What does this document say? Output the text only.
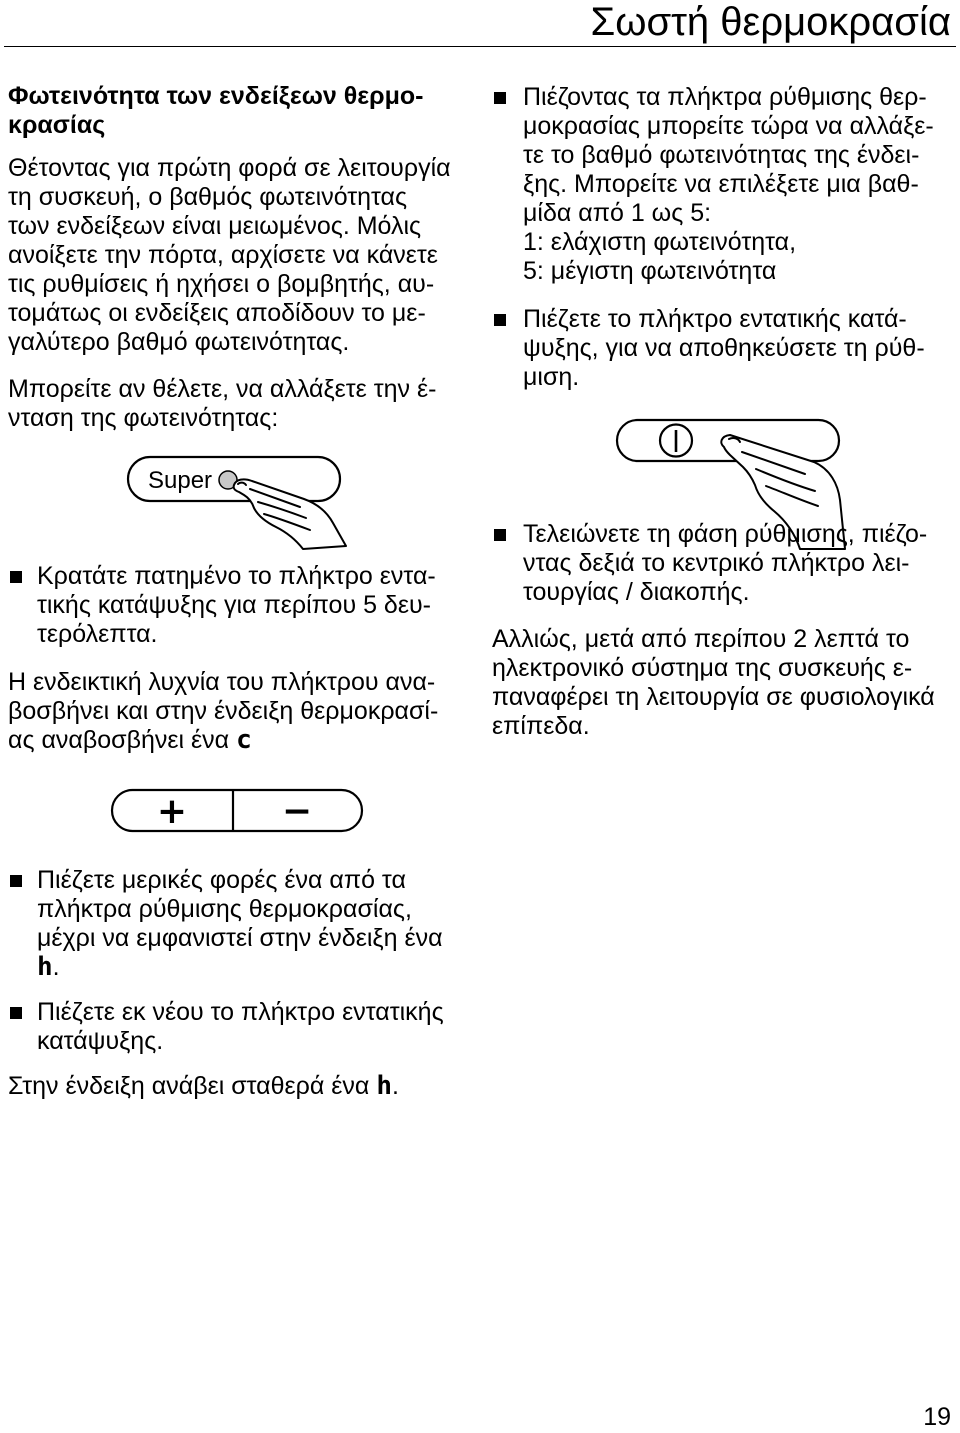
Σωστή θερμοκρασία
Φωτεινότητα των ενδείξεων θερμο-
κρασίας
Θέτοντας για πρώτη φορά σε λειτουργία
τη συσκευή, ο βαθμός φωτεινότητας
των ενδείξεων είναι μειωμένος. Μόλις
ανοίξετε την πόρτα, αρχίσετε να κάνετε
τις ρυθμίσεις ή ηχήσει ο βομβητής, αυ-
τομάτως οι ενδείξεις αποδίδουν το με-
γαλύτερο βαθμό φωτεινότητας.
Μπορείτε αν θέλετε, να αλλάξετε την έ-
νταση της φωτεινότητας:
Super
Κρατάτε πατημένο το πλήκτρο εντα-
τικής κατάψυξης για περίπου 5 δευ-
τερόλεπτα.
Η ενδεικτική λυχνία του πλήκτρου ανα-
βοσβήνει και στην ένδειξη θερμοκρασί-
ας αναβοσβήνει ένα c
+	−
Πιέζετε μερικές φορές ένα από τα
πλήκτρα ρύθμισης θερμοκρασίας,
μέχρι να εμφανιστεί στην ένδειξη ένα
h.
Πιέζετε εκ νέου το πλήκτρο εντατικής
κατάψυξης.
Στην ένδειξη ανάβει σταθερά ένα h.
Πιέζοντας τα πλήκτρα ρύθμισης θερ-
μοκρασίας μπορείτε τώρα να αλλάξε-
τε το βαθμό φωτεινότητας της ένδει-
ξης. Μπορείτε να επιλέξετε μια βαθ-
μίδα από 1 ως 5:
1: ελάχιστη φωτεινότητα,
5: μέγιστη φωτεινότητα
Πιέζετε το πλήκτρο εντατικής κατά-
ψυξης, για να αποθηκεύσετε τη ρύθ-
μιση.
Τελειώνετε τη φάση ρύθμισης, πιέζο-
ντας δεξιά το κεντρικό πλήκτρο λει-
τουργίας / διακοπής.
Αλλιώς, μετά από περίπου 2 λεπτά το
ηλεκτρονικό σύστημα της συσκευής ε-
παναφέρει τη λειτουργία σε φυσιολογικά
επίπεδα.
19
